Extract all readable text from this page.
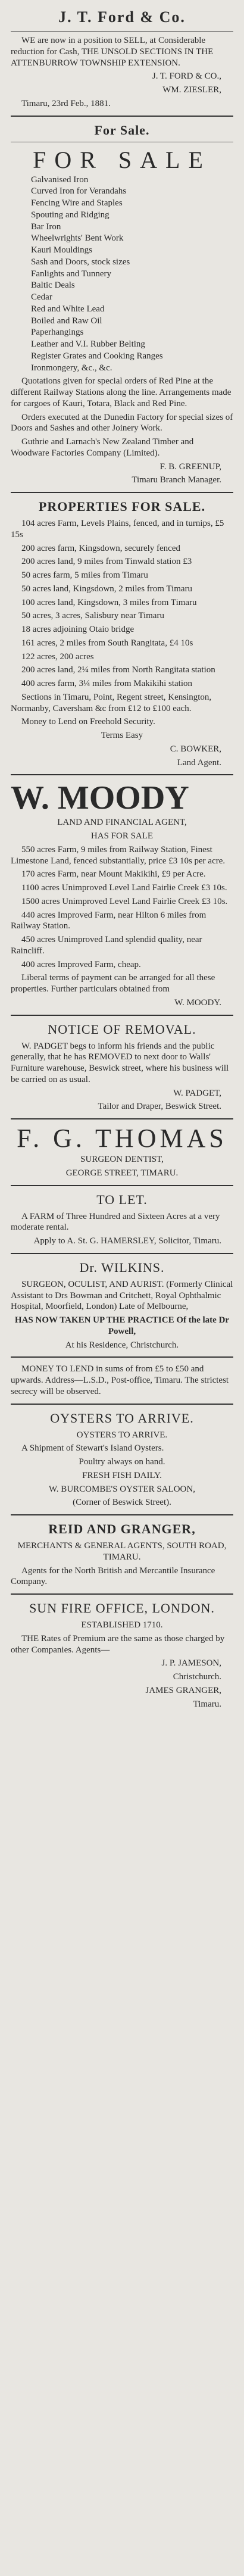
J. T. Ford & Co.

WE are now in a position to SELL, at Considerable reduction for Cash, THE UNSOLD SECTIONS IN THE ATTENBURROW TOWNSHIP EXTENSION.

J. T. FORD & CO.,

WM. ZIESLER,

Timaru, 23rd Feb., 1881.

For Sale.
FOR SALE

Galvanised Iron

Curved Iron for Verandahs

Fencing Wire and Staples

Spouting and Ridging

Bar Iron

Wheelwrights' Bent Work

Kauri Mouldings

Sash and Doors, stock sizes

Fanlights and Tunnery

Baltic Deals

Cedar

Red and White Lead

Boiled and Raw Oil

Paperhangings

Leather and V.I. Rubber Belting

Register Grates and Cooking Ranges

Ironmongery, &c., &c.

Quotations given for special orders of Red Pine at the different Railway Stations along the line. Arrangements made for cargoes of Kauri, Totara, Black and Red Pine.

Orders executed at the Dunedin Factory for special sizes of Doors and Sashes and other Joinery Work.

Guthrie and Larnach's New Zealand Timber and Woodware Factories Company (Limited).

F. B. GREENUP,

Timaru Branch Manager.

PROPERTIES FOR SALE.

104 acres Farm, Levels Plains, fenced, and in turnips, £5 15s

200 acres farm, Kingsdown, securely fenced

200 acres land, 9 miles from Tinwald station £3

50 acres farm, 5 miles from Timaru

50 acres land, Kingsdown, 2 miles from Timaru

100 acres land, Kingsdown, 3 miles from Timaru

50 acres, 3 acres, Salisbury near Timaru

18 acres adjoining Otaio bridge

161 acres, 2 miles from South Rangitata, £4 10s

122 acres, 200 acres

200 acres land, 2¼ miles from North Rangitata station

400 acres farm, 3¼ miles from Makikihi station

Sections in Timaru, Point, Regent street, Kensington, Normanby, Caversham &c from £12 to £100 each.

Money to Lend on Freehold Security.

Terms Easy

C. BOWKER,

Land Agent.

W. MOODY

LAND AND FINANCIAL AGENT,

HAS FOR SALE

550 acres Farm, 9 miles from Railway Station, Finest Limestone Land, fenced substantially, price £3 10s per acre.

170 acres Farm, near Mount Makikihi, £9 per Acre.

1100 acres Unimproved Level Land Fairlie Creek £3 10s.

1500 acres Unimproved Level Land Fairlie Creek £3 10s.

440 acres Improved Farm, near Hilton 6 miles from Railway Station.

450 acres Unimproved Land splendid quality, near Raincliff.

400 acres Improved Farm, cheap.

Liberal terms of payment can be arranged for all these properties. Further particulars obtained from

W. MOODY.

NOTICE OF REMOVAL.

W. PADGET begs to inform his friends and the public generally, that he has REMOVED to next door to Walls' Furniture warehouse, Beswick street, where his business will be carried on as usual.

W. PADGET,

Tailor and Draper, Beswick Street.

F. G. THOMAS

SURGEON DENTIST,

GEORGE STREET, TIMARU.

TO LET.

A FARM of Three Hundred and Sixteen Acres at a very moderate rental.

Apply to A. St. G. HAMERSLEY, Solicitor, Timaru.

Dr. WILKINS.

SURGEON, OCULIST, AND AURIST. (Formerly Clinical Assistant to Drs Bowman and Critchett, Royal Ophthalmic Hospital, Moorfield, London) Late of Melbourne,

HAS NOW TAKEN UP THE PRACTICE Of the late Dr Powell,

At his Residence, Christchurch.

MONEY TO LEND in sums of from £5 to £50 and upwards. Address—L.S.D., Post-office, Timaru. The strictest secrecy will be observed.

OYSTERS TO ARRIVE.

OYSTERS TO ARRIVE.

A Shipment of Stewart's Island Oysters.

Poultry always on hand.

FRESH FISH DAILY.

W. BURCOMBE'S OYSTER SALOON,

(Corner of Beswick Street).

REID AND GRANGER,

MERCHANTS & GENERAL AGENTS, SOUTH ROAD, TIMARU.

Agents for the North British and Mercantile Insurance Company.

SUN FIRE OFFICE, LONDON.

ESTABLISHED 1710.

THE Rates of Premium are the same as those charged by other Companies. Agents—

J. P. JAMESON,

Christchurch.

JAMES GRANGER,

Timaru.
